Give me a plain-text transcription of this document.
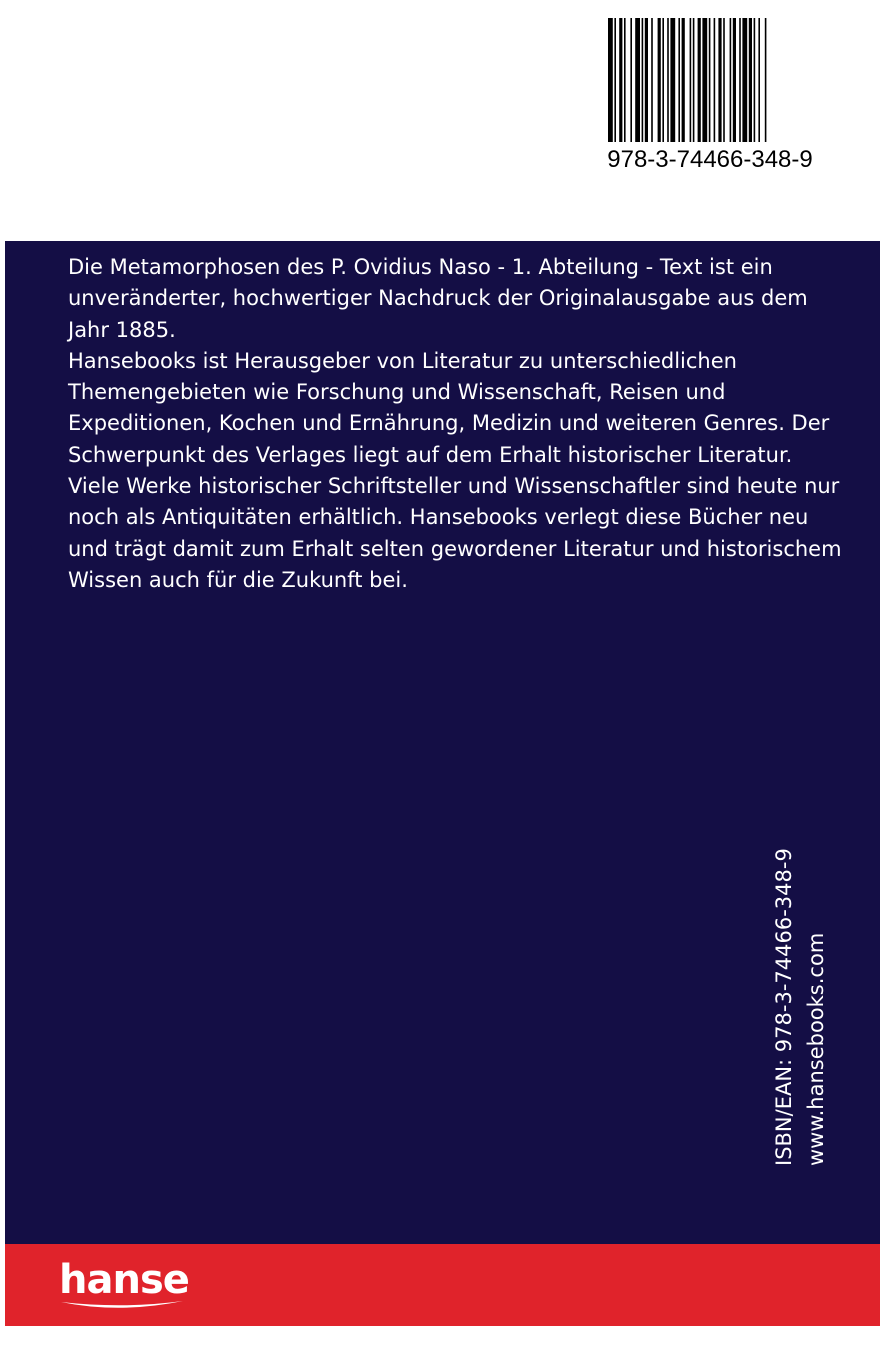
978-3-74466-348-9

Die Metamorphosen des P. Ovidius Naso - 1. Abteilung - Text ist ein unveränderter, hochwertiger Nachdruck der Originalausgabe aus dem Jahr 1885.

Hansebooks ist Herausgeber von Literatur zu unterschiedlichen Themengebieten wie Forschung und Wissenschaft, Reisen und Expeditionen, Kochen und Ernährung, Medizin und weiteren Genres. Der Schwerpunkt des Verlages liegt auf dem Erhalt historischer Literatur. Viele Werke historischer Schriftsteller und Wissenschaftler sind heute nur noch als Antiquitäten erhältlich. Hansebooks verlegt diese Bücher neu und trägt damit zum Erhalt selten gewordener Literatur und historischem Wissen auch für die Zukunft bei.

ISBN/EAN: 978-3-74466-348-9 www.hansebooks.com
hanse
